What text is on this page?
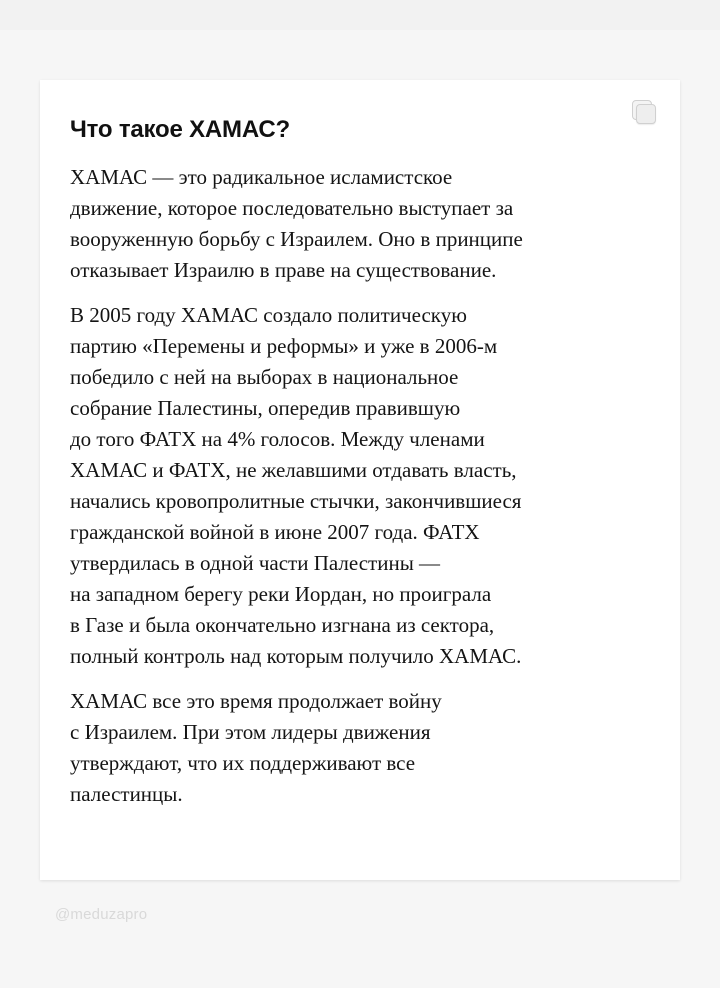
Что такое ХАМАС?

ХАМАС — это радикальное исламистское
движение, которое последовательно выступает за
вооруженную борьбу с Израилем. Оно в принципе
отказывает Израилю в праве на существование.

В 2005 году ХАМАС создало политическую
партию «Перемены и реформы» и уже в 2006-м
победило с ней на выборах в национальное
собрание Палестины, опередив правившую
до того ФАТХ на 4% голосов. Между членами
ХАМАС и ФАТХ, не желавшими отдавать власть,
начались кровопролитные стычки, закончившиеся
гражданской войной в июне 2007 года. ФАТХ
утвердилась в одной части Палестины —
на западном берегу реки Иордан, но проиграла
в Газе и была окончательно изгнана из сектора,
полный контроль над которым получило ХАМАС.

ХАМАС все это время продолжает войну
с Израилем. При этом лидеры движения
утверждают, что их поддерживают все
палестинцы.

@meduzapro
